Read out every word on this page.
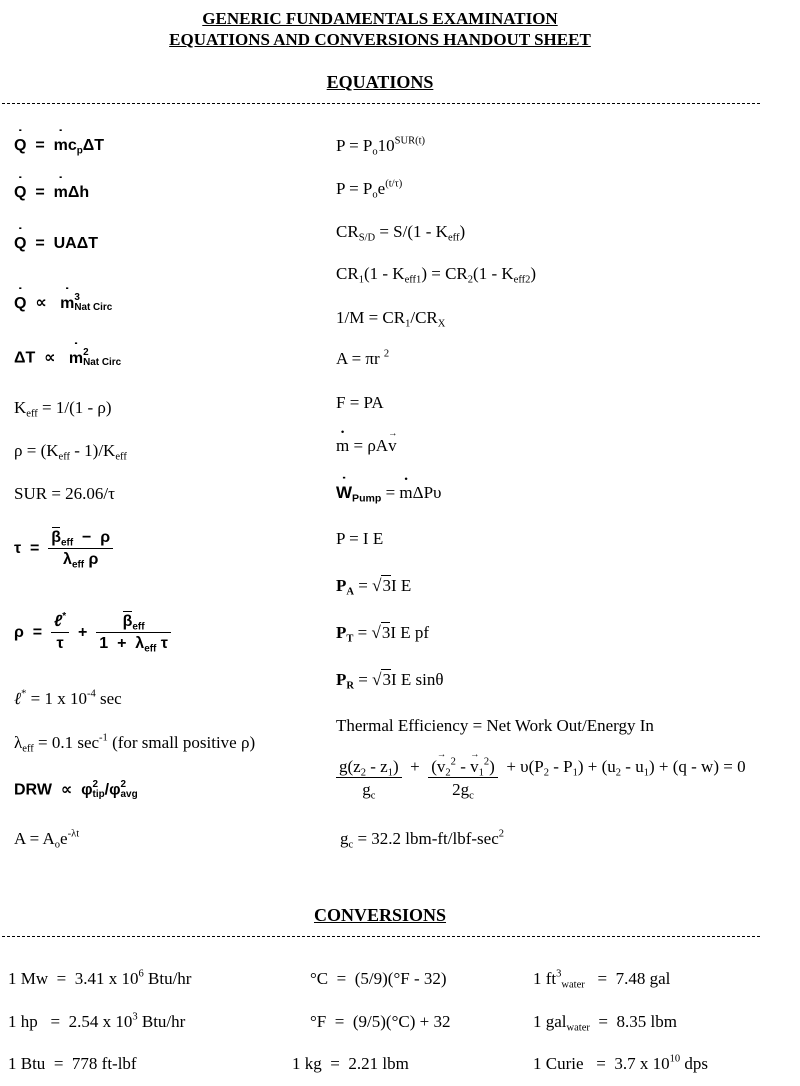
GENERIC FUNDAMENTALS EXAMINATION
EQUATIONS AND CONVERSIONS HANDOUT SHEET
EQUATIONS
˙ Q  =  ˙ $mc_p\Delta T$
˙ Q  =  ˙ mΔh
˙ Q  =  UAΔT
˙ Q  ∝   ˙ m 3
Nat Circ
ΔT  ∝   ˙ m 2
Nat Circ
$K_{eff} = 1/(1 - \rho)$
$\rho = (K_{eff} - 1)/K_{eff}$
SUR = 26.06/τ
$\tau = \frac{\beta_{eff} - \rho}{\lambda_{eff} \rho}$
$\rho = \frac{\ell^*}{\tau} + \frac{\beta_{eff}}{1 + \lambda_{eff} \tau}$
ℓ* = 1 x $10^{-4}$ sec
$\lambda_{eff} = 0.1$ $\sec^{-1} (for$ small positive ρ)
DRW  ∝  φ 2
tip /φ 2
avg
$A = A_oe^{-\lambda t}$
$P = P_o10^{SUR(t)}$
$P = P_oe^{(t/\tau)}$
$CR_{S/D} = S/(1 - K_{eff})$
$CR_1(1 - K_{eff1}) = CR_2(1 - K_{eff2})$
$1/M = CR_1/CR_X$
A = πr $^2$
F = PA
˙ m = ρA→ v
˙ $W_{Pump}$ = ˙ mΔPυ
P = I E
$P_A$ = √ 3I E
$P_T$ = √ 3I E pf
$P_R$ = √ 3I E sinθ
Thermal Efficiency = Net Work Out/Energy In
$\frac{g(z_2 - z_1)}{g_c} + \frac{(\to v_2^2 - \to v_1^2)}{2g_c} + \upsilon(P_2 - P_1) + (u_2 - u_1) + (q - w) = 0$
$g_c = 32.2$ lbm-$ft/lbf-\sec^2$
CONVERSIONS
1 Mw  =  3.41 x $10^6$ Btu/hr
1 hp   =  2.54 x $10^3$ Btu/hr
1 Btu  =  778 ft-lbf
°C  =  (5/9)(°F - 32)
°F  =  (9/5)(°C) + 32
1 kg  =  2.21 lbm
1 $ft^3_{water} = 7.48$ gal
1 gal$_{water}$  =  8.35 lbm
1 Curie   =  3.7 x $10^{10}$ dps
